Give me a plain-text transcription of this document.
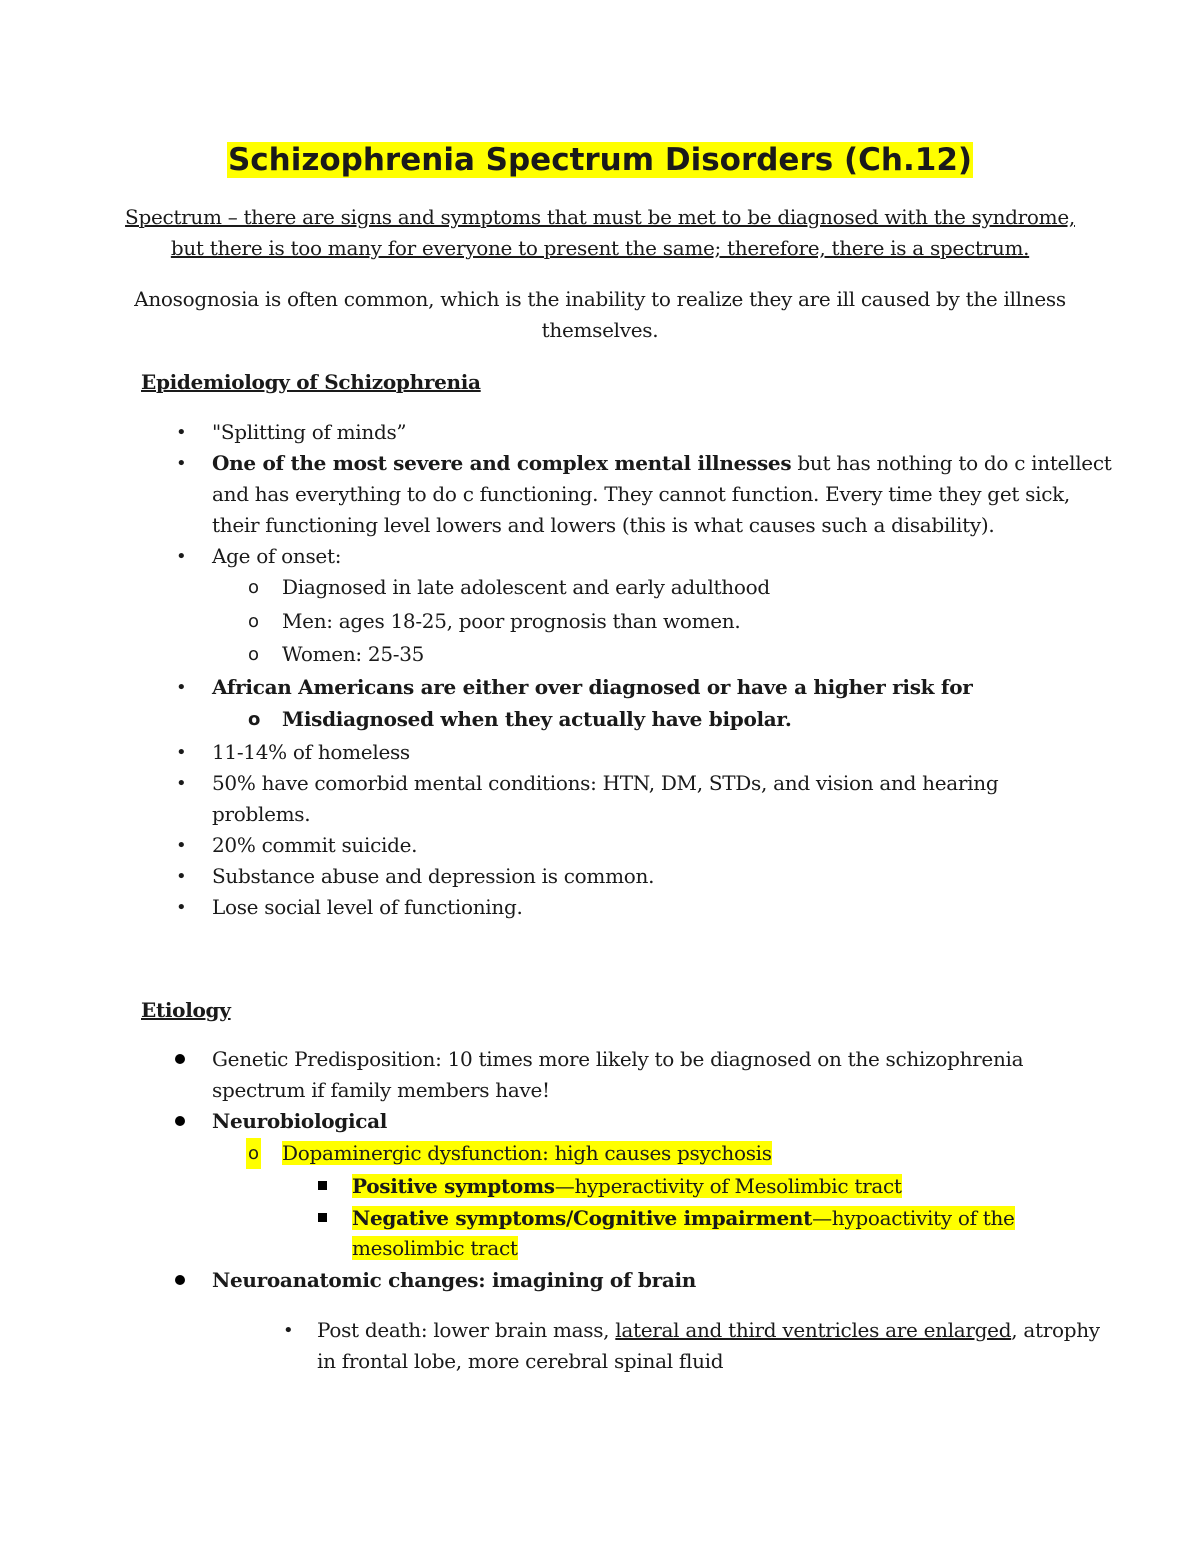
Schizophrenia Spectrum Disorders (Ch.12)
Spectrum – there are signs and symptoms that must be met to be diagnosed with the syndrome,
but there is too many for everyone to present the same; therefore, there is a spectrum.
Anosognosia is often common, which is the inability to realize they are ill caused by the illness
themselves.
Epidemiology of Schizophrenia
• "Splitting of minds”
• One of the most severe and complex mental illnesses but has nothing to do c intellect
and has everything to do c functioning. They cannot function. Every time they get sick,
their functioning level lowers and lowers (this is what causes such a disability).
• Age of onset:
o Diagnosed in late adolescent and early adulthood
o Men: ages 18-25, poor prognosis than women.
o Women: 25-35
• African Americans are either over diagnosed or have a higher risk for
o Misdiagnosed when they actually have bipolar.
• 11-14% of homeless
• 50% have comorbid mental conditions: HTN, DM, STDs, and vision and hearing
problems.
• 20% commit suicide.
• Substance abuse and depression is common.
• Lose social level of functioning.
Etiology
Genetic Predisposition: 10 times more likely to be diagnosed on the schizophrenia
spectrum if family members have!
Neurobiological
o Dopaminergic dysfunction: high causes psychosis
Positive symptoms—hyperactivity of Mesolimbic tract
Negative symptoms/Cognitive impairment—hypoactivity of the
mesolimbic tract
Neuroanatomic changes: imagining of brain
• Post death: lower brain mass, lateral and third ventricles are enlarged, atrophy
in frontal lobe, more cerebral spinal fluid
